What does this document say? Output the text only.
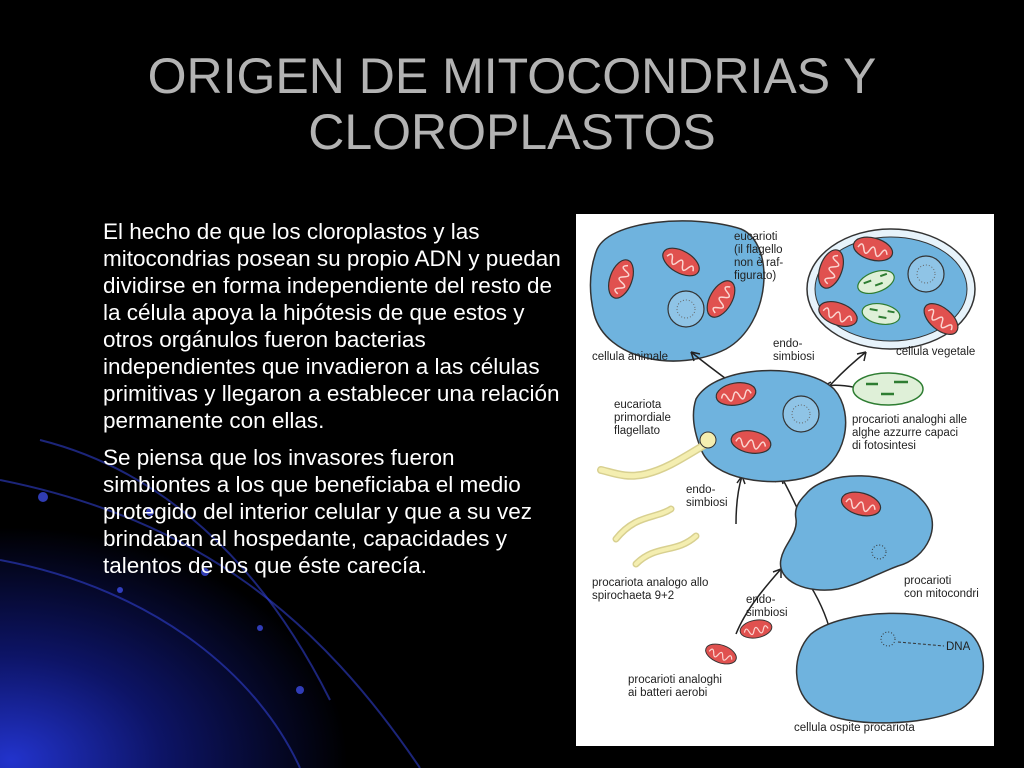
ORIGEN DE MITOCONDRIAS Y
CLOROPLASTOS

El hecho de que los cloroplastos y las mitocondrias posean su propio ADN y puedan dividirse en forma independiente del resto de la célula apoya la hipótesis de que estos y otros orgánulos fueron bacterias independientes que invadieron a las células primitivas y llegaron a establecer una relación permanente con ellas.

Se piensa que los invasores fueron simbiontes a los que beneficiaba el medio protegido del interior celular y que a su vez brindaban al hospedante, capacidades y talentos de los que éste carecía.

eucarioti
(il flagello
non è raf-
figurato)
cellula animale
endo-
simbiosi	cellula vegetale
eucariota
primordiale
flagellato
procarioti analoghi alle
alghe azzurre capaci
di fotosintesi
endo-
simbiosi
procariota analogo allo
spirochaeta 9+2
procarioti
con mitocondri
endo-
simbiosi
DNA
procarioti analoghi
ai batteri aerobi
cellula ospite procariota
